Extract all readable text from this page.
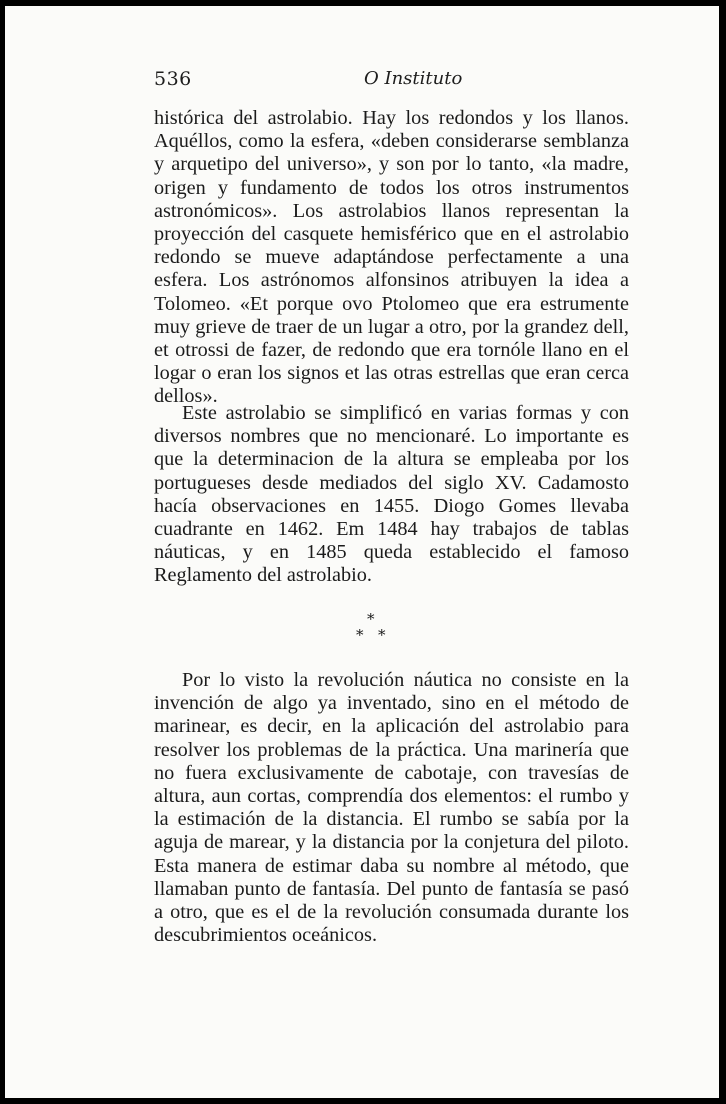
536	O Instituto

histórica del astrolabio. Hay los redondos y los llanos. Aquéllos, como la esfera, «deben considerarse semblanza y arquetipo del universo», y son por lo tanto, «la madre, origen y fundamento de todos los otros instrumentos astronómicos». Los astrolabios llanos representan la proyección del casquete hemisférico que en el astrolabio redondo se mueve adaptándose perfectamente a una esfera. Los astrónomos alfonsinos atribuyen la idea a Tolomeo. «Et porque ovo Ptolomeo que era estrumente muy grieve de traer de un lugar a otro, por la grandez dell, et otrossi de fazer, de redondo que era tornóle llano en el logar o eran los signos et las otras estrellas que eran cerca dellos».

Este astrolabio se simplificó en varias formas y con diversos nombres que no mencionaré. Lo importante es que la determinacion de la altura se empleaba por los portugueses desde mediados del siglo XV. Cadamosto hacía observaciones en 1455. Diogo Gomes llevaba cuadrante en 1462. Em 1484 hay trabajos de tablas náuticas, y en 1485 queda establecido el famoso Reglamento del astrolabio.

*
* *

Por lo visto la revolución náutica no consiste en la invención de algo ya inventado, sino en el método de marinear, es decir, en la aplicación del astrolabio para resolver los problemas de la práctica. Una marinería que no fuera exclusivamente de cabotaje, con travesías de altura, aun cortas, comprendía dos elementos: el rumbo y la estimación de la distancia. El rumbo se sabía por la aguja de marear, y la distancia por la conjetura del piloto. Esta manera de estimar daba su nombre al método, que llamaban punto de fantasía. Del punto de fantasía se pasó a otro, que es el de la revolución consumada durante los descubrimientos oceánicos.
